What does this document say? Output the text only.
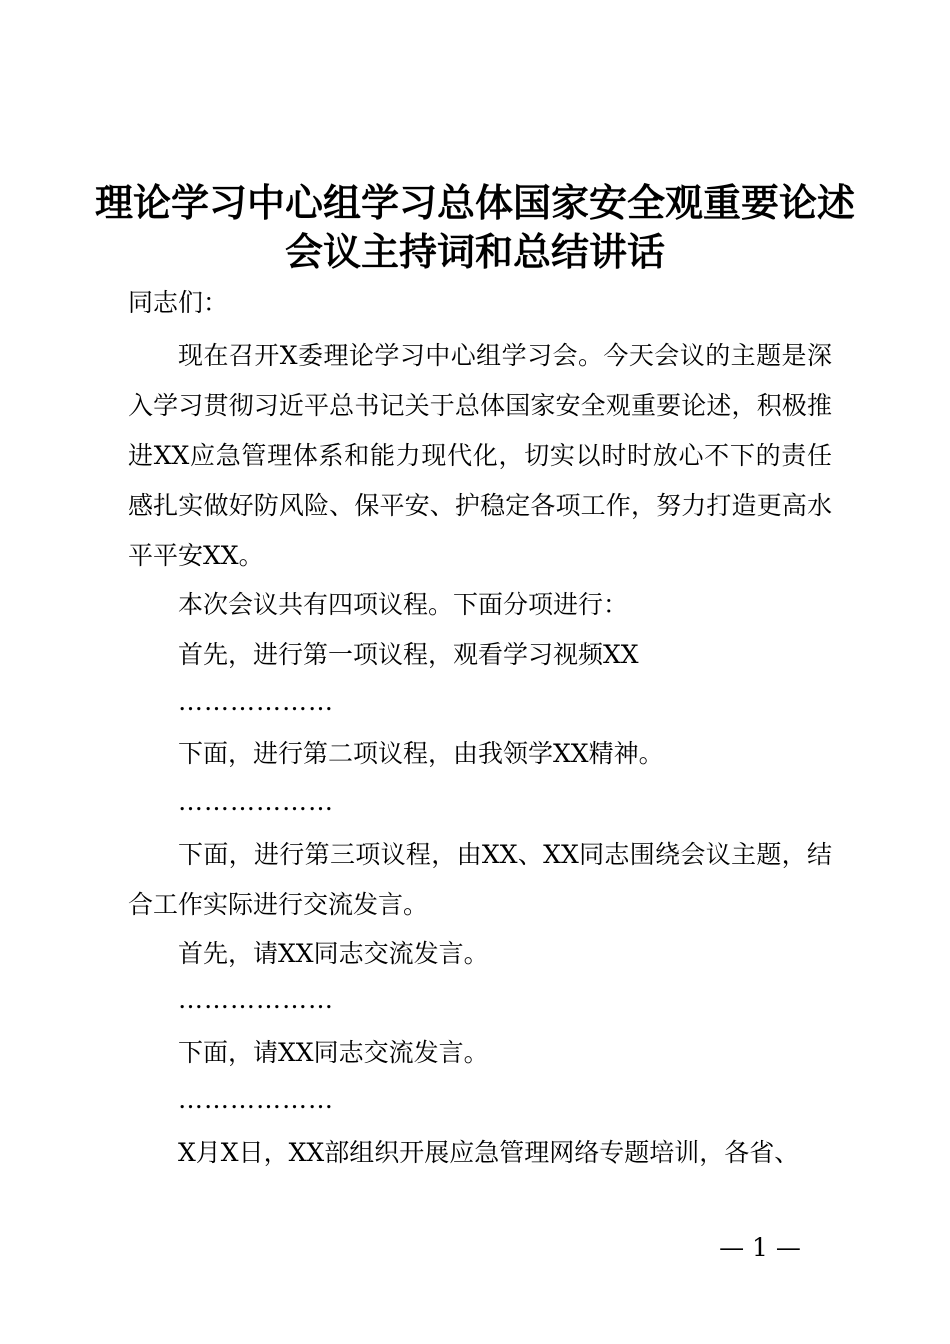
理论学习中心组学习总体国家安全观重要论述
会议主持词和总结讲话

同志们：

现在召开X委理论学习中心组学习会。今天会议的主题是深入学习贯彻习近平总书记关于总体国家安全观重要论述，积极推进XX应急管理体系和能力现代化，切实以时时放心不下的责任感扎实做好防风险、保平安、护稳定各项工作，努力打造更高水平平安XX。

本次会议共有四项议程。下面分项进行：

首先，进行第一项议程，观看学习视频XX

………………

下面，进行第二项议程，由我领学XX精神。

………………

下面，进行第三项议程，由XX、XX同志围绕会议主题，结合工作实际进行交流发言。

首先，请XX同志交流发言。

………………

下面，请XX同志交流发言。

………………

X月X日，XX部组织开展应急管理网络专题培训，各省、

— 1 —
